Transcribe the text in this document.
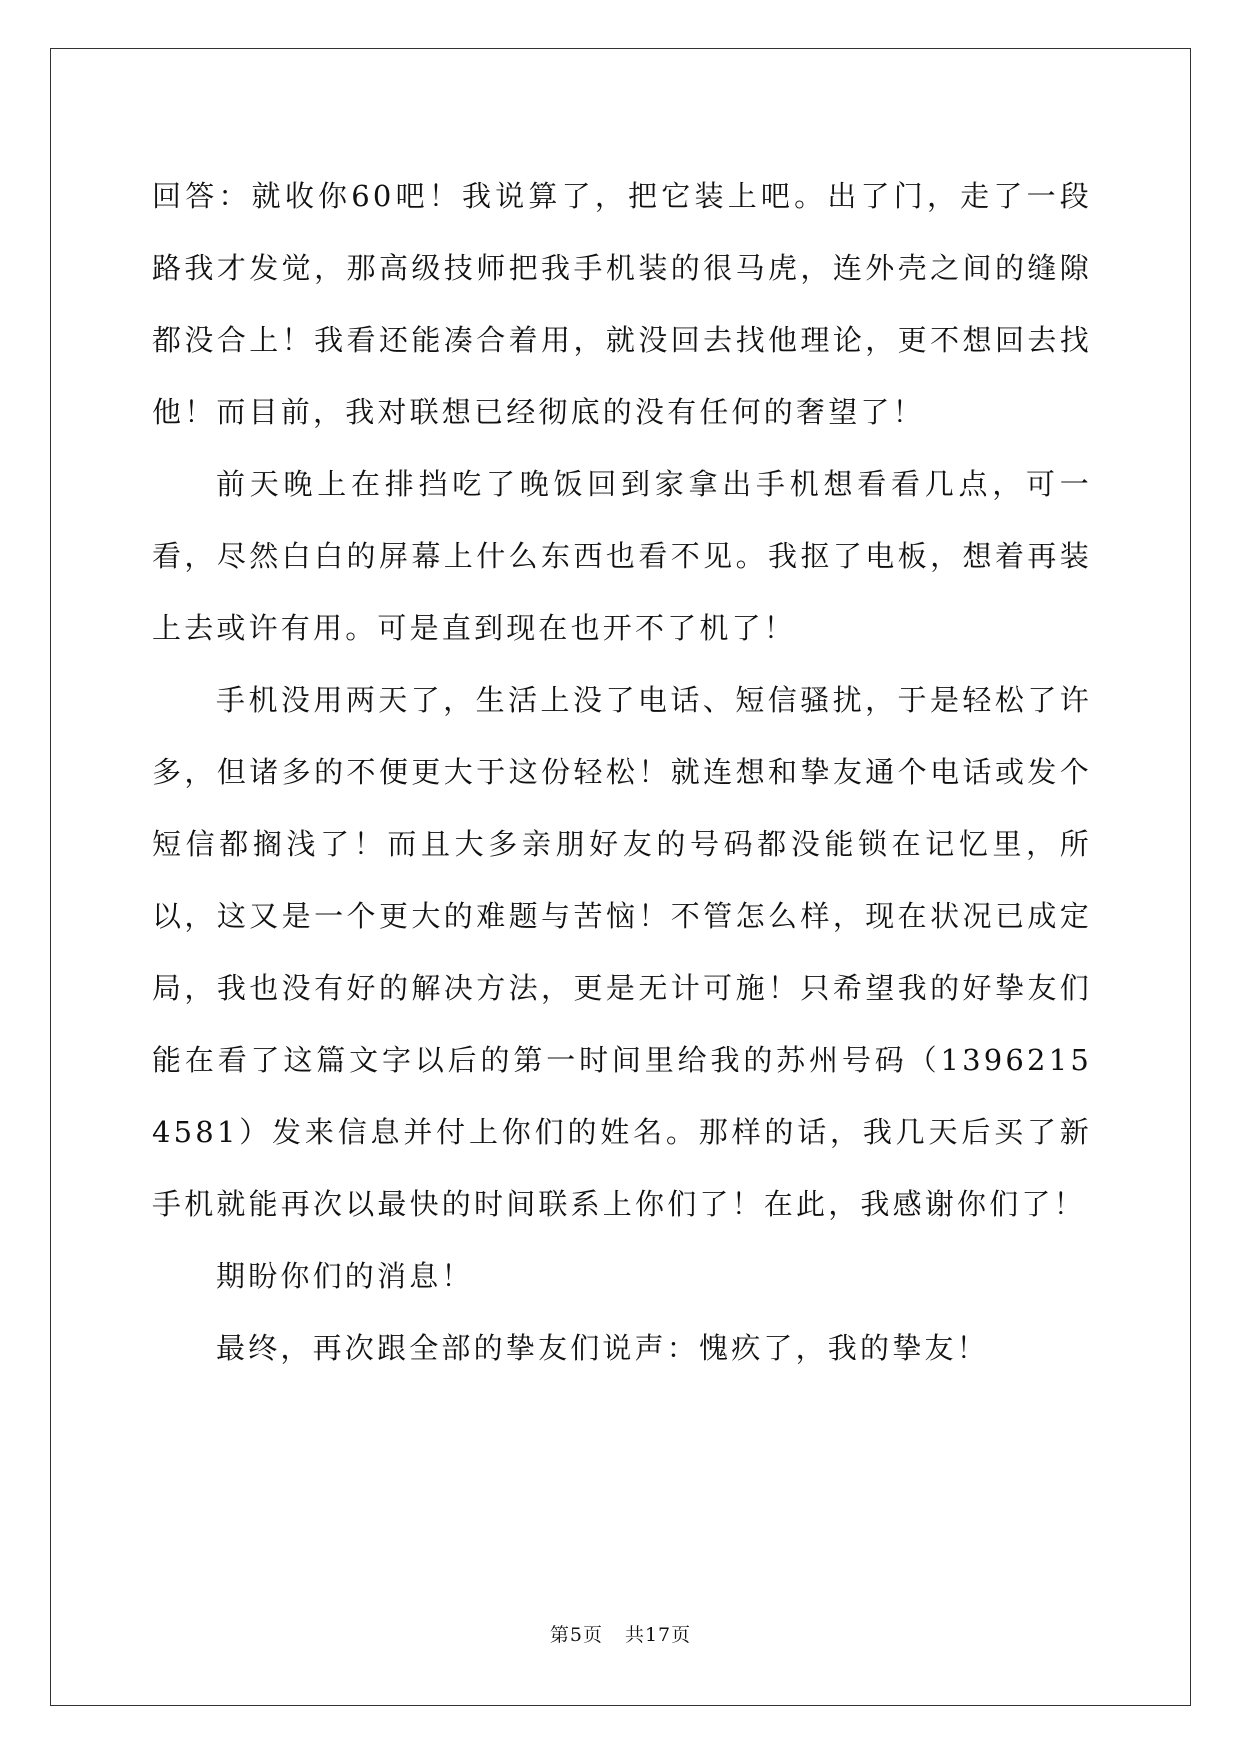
回答：就收你60吧！我说算了，把它装上吧。出了门，走了一段路我才发觉，那高级技师把我手机装的很马虎，连外壳之间的缝隙都没合上！我看还能凑合着用，就没回去找他理论，更不想回去找他！而目前，我对联想已经彻底的没有任何的奢望了！

前天晚上在排挡吃了晚饭回到家拿出手机想看看几点，可一看，尽然白白的屏幕上什么东西也看不见。我抠了电板，想着再装上去或许有用。可是直到现在也开不了机了！

手机没用两天了，生活上没了电话、短信骚扰，于是轻松了许多，但诸多的不便更大于这份轻松！就连想和挚友通个电话或发个短信都搁浅了！而且大多亲朋好友的号码都没能锁在记忆里，所以，这又是一个更大的难题与苦恼！不管怎么样，现在状况已成定局，我也没有好的解决方法，更是无计可施！只希望我的好挚友们能在看了这篇文字以后的第一时间里给我的苏州号码（13962154581）发来信息并付上你们的姓名。那样的话，我几天后买了新手机就能再次以最快的时间联系上你们了！在此，我感谢你们了！

期盼你们的消息！

最终，再次跟全部的挚友们说声：愧疚了，我的挚友！

第5页 共17页
